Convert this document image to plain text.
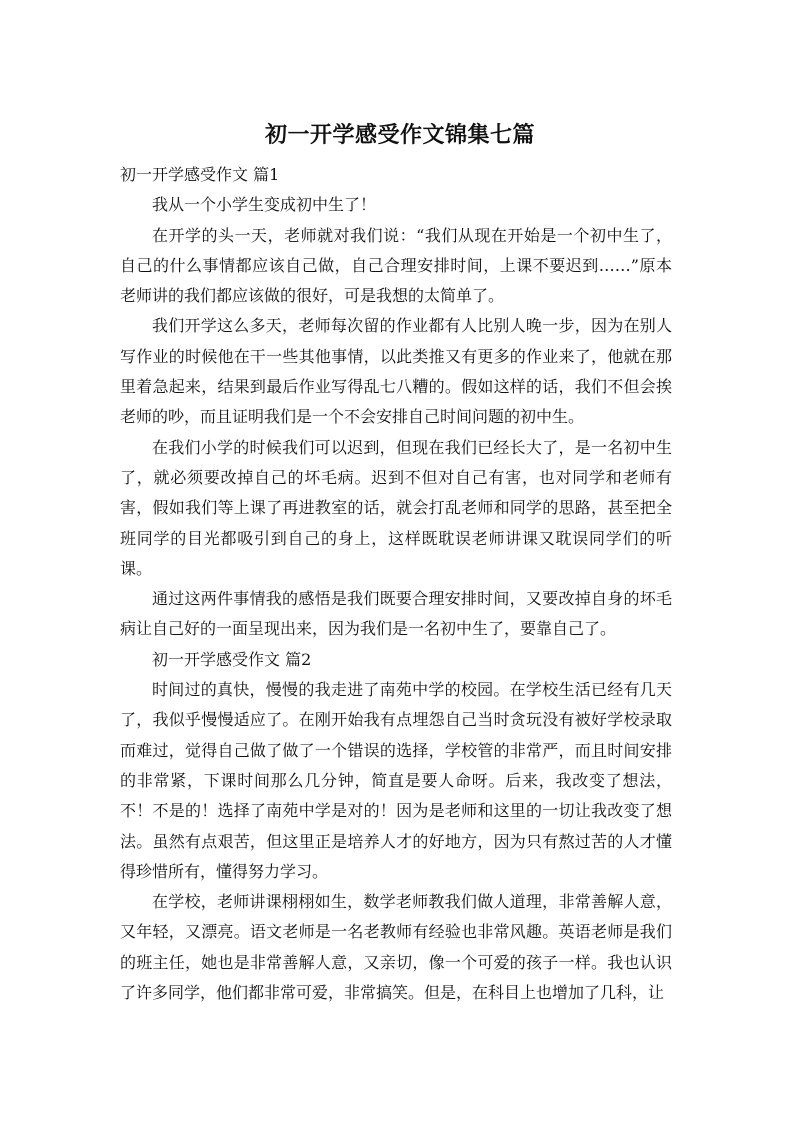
初一开学感受作文锦集七篇

初一开学感受作文 篇1

我从一个小学生变成初中生了！

在开学的头一天，老师就对我们说：“我们从现在开始是一个初中生了，自己的什么事情都应该自己做，自己合理安排时间，上课不要迟到……”原本老师讲的我们都应该做的很好，可是我想的太简单了。

我们开学这么多天，老师每次留的作业都有人比别人晚一步，因为在别人写作业的时候他在干一些其他事情，以此类推又有更多的作业来了，他就在那里着急起来，结果到最后作业写得乱七八糟的。假如这样的话，我们不但会挨老师的吵，而且证明我们是一个不会安排自己时间问题的初中生。

在我们小学的时候我们可以迟到，但现在我们已经长大了，是一名初中生了，就必须要改掉自己的坏毛病。迟到不但对自己有害，也对同学和老师有害，假如我们等上课了再进教室的话，就会打乱老师和同学的思路，甚至把全班同学的目光都吸引到自己的身上，这样既耽误老师讲课又耽误同学们的听课。

通过这两件事情我的感悟是我们既要合理安排时间，又要改掉自身的坏毛病让自己好的一面呈现出来，因为我们是一名初中生了，要靠自己了。

初一开学感受作文 篇2

时间过的真快，慢慢的我走进了南苑中学的校园。在学校生活已经有几天了，我似乎慢慢适应了。在刚开始我有点埋怨自己当时贪玩没有被好学校录取而难过，觉得自己做了做了一个错误的选择，学校管的非常严，而且时间安排的非常紧，下课时间那么几分钟，简直是要人命呀。后来，我改变了想法，不！不是的！选择了南苑中学是对的！因为是老师和这里的一切让我改变了想法。虽然有点艰苦，但这里正是培养人才的好地方，因为只有熬过苦的人才懂得珍惜所有，懂得努力学习。

在学校，老师讲课栩栩如生，数学老师教我们做人道理，非常善解人意，又年轻，又漂亮。语文老师是一名老教师有经验也非常风趣。英语老师是我们的班主任，她也是非常善解人意，又亲切，像一个可爱的孩子一样。我也认识了许多同学，他们都非常可爱，非常搞笑。但是，在科目上也增加了几科，让
